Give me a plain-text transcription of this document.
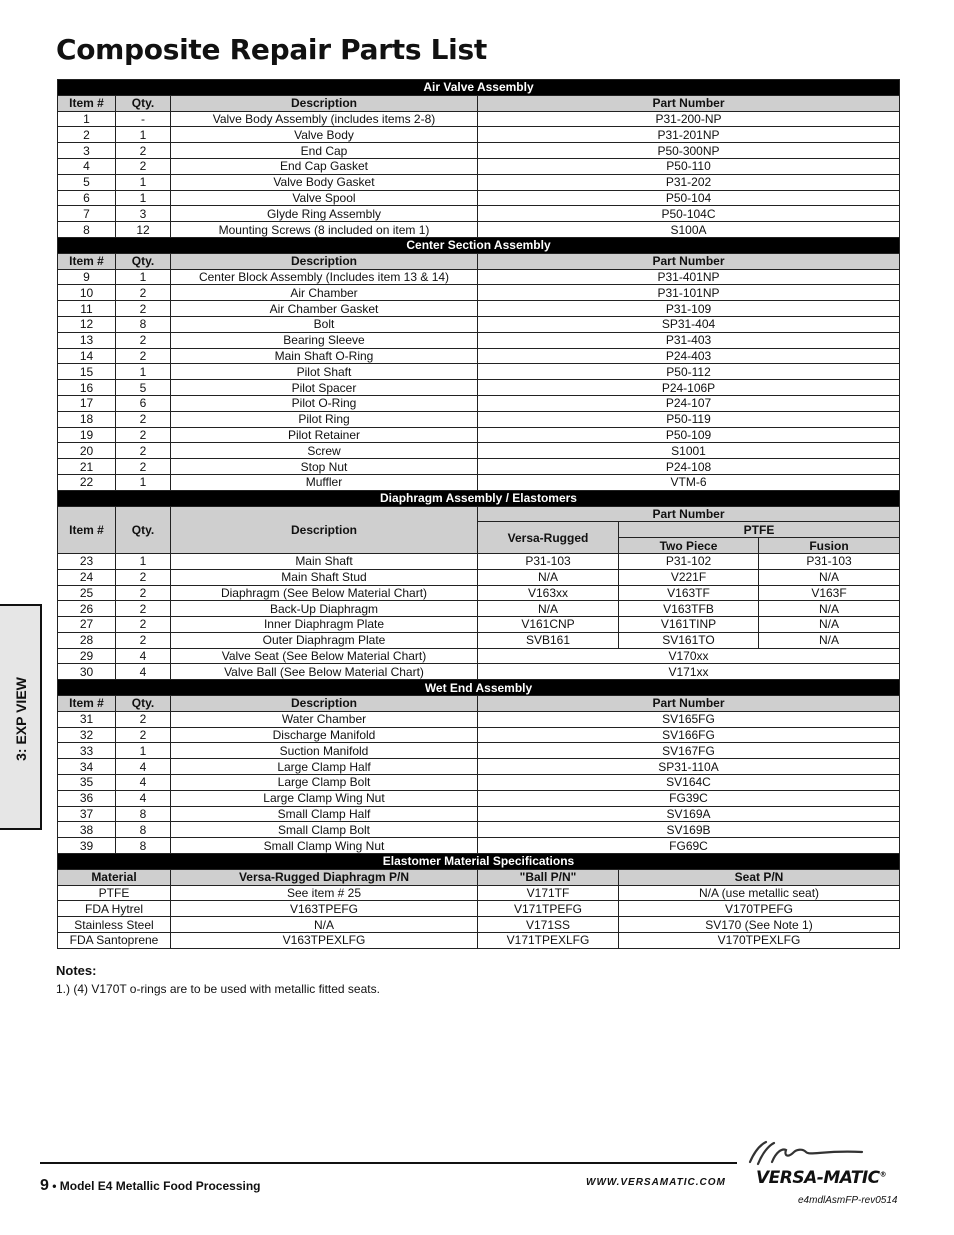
Composite Repair Parts List
Air Valve Assembly					
Item #	Qty.	Description	Part Number		
1	-	Valve Body Assembly (includes items 2-8)	P31-200-NP		
2	1	Valve Body	P31-201NP		
3	2	End Cap	P50-300NP		
4	2	End Cap Gasket	P50-110		
5	1	Valve Body Gasket	P31-202		
6	1	Valve Spool	P50-104		
7	3	Glyde Ring Assembly	P50-104C		
8	12	Mounting Screws (8 included on item 1)	S100A		
Center Section Assembly					
Item #	Qty.	Description	Part Number		
9	1	Center Block Assembly (Includes item 13 & 14)	P31-401NP		
10	2	Air Chamber	P31-101NP		
11	2	Air Chamber Gasket	P31-109		
12	8	Bolt	SP31-404		
13	2	Bearing Sleeve	P31-403		
14	2	Main Shaft O-Ring	P24-403		
15	1	Pilot Shaft	P50-112		
16	5	Pilot Spacer	P24-106P		
17	6	Pilot O-Ring	P24-107		
18	2	Pilot Ring	P50-119		
19	2	Pilot Retainer	P50-109		
20	2	Screw	S1001		
21	2	Stop Nut	P24-108		
22	1	Muffler	VTM-6		
Diaphragm Assembly / Elastomers					
Item #	Qty.	Description	Part Number		
			Versa-Rugged	PTFE	
				Two Piece	Fusion
23	1	Main Shaft	P31-103	P31-102	P31-103
24	2	Main Shaft Stud	N/A	V221F	N/A
25	2	Diaphragm (See Below Material Chart)	V163xx	V163TF	V163F
26	2	Back-Up Diaphragm	N/A	V163TFB	N/A
27	2	Inner Diaphragm Plate	V161CNP	V161TINP	N/A
28	2	Outer Diaphragm Plate	SVB161	SV161TO	N/A
29	4	Valve Seat (See Below Material Chart)	V170xx		
30	4	Valve Ball (See Below Material Chart)	V171xx		
Wet End Assembly					
Item #	Qty.	Description	Part Number		
31	2	Water Chamber	SV165FG		
32	2	Discharge Manifold	SV166FG		
33	1	Suction Manifold	SV167FG		
34	4	Large Clamp Half	SP31-110A		
35	4	Large Clamp Bolt	SV164C		
36	4	Large Clamp Wing Nut	FG39C		
37	8	Small Clamp Half	SV169A		
38	8	Small Clamp Bolt	SV169B		
39	8	Small Clamp Wing Nut	FG69C		
Elastomer Material Specifications					
Material		Versa-Rugged Diaphragm P/N	"Ball P/N"	Seat P/N	
PTFE		See item # 25	V171TF	N/A (use metallic seat)	
FDA Hytrel		V163TPEFG	V171TPEFG	V170TPEFG	
Stainless Steel		N/A	V171SS	SV170 (See Note 1)	
FDA Santoprene		V163TPEXLFG	V171TPEXLFG	V170TPEXLFG	
Notes:
1.) (4) V170T o-rings are to be used with metallic fitted seats.
3: EXP VIEW
9 • Model E4 Metallic Food Processing	WWW.VERSAMATIC.COM VERSA-MATIC®
e4mdlAsmFP-rev0514
